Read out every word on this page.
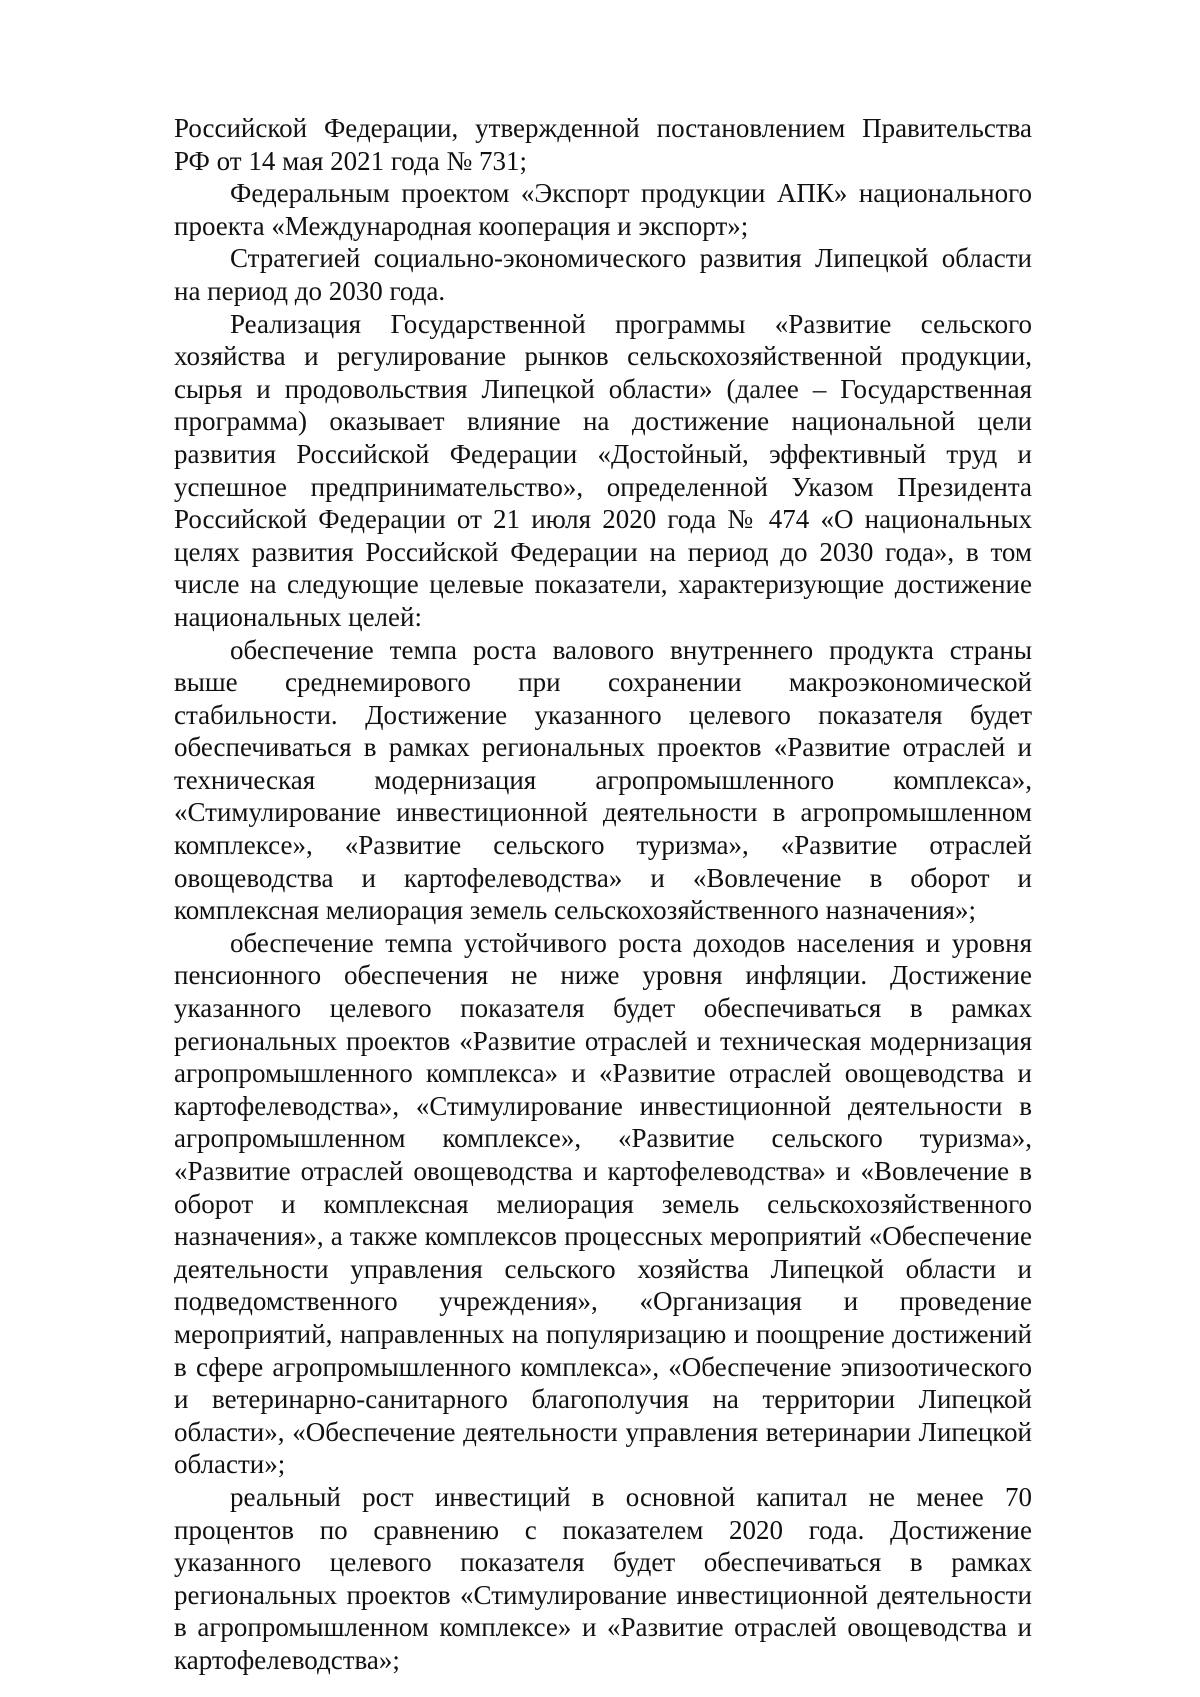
Российской Федерации, утвержденной постановлением Правительства РФ от 14 мая 2021 года № 731;

Федеральным проектом «Экспорт продукции АПК» национального проекта «Международная кооперация и экспорт»;

Стратегией социально-экономического развития Липецкой области на период до 2030 года.

Реализация Государственной программы «Развитие сельского хозяйства и регулирование рынков сельскохозяйственной продукции, сырья и продовольствия Липецкой области» (далее – Государственная программа) оказывает влияние на достижение национальной цели развития Российской Федерации «Достойный, эффективный труд и успешное предпринимательство», определенной Указом Президента Российской Федерации от 21 июля 2020 года № 474 «О национальных целях развития Российской Федерации на период до 2030 года», в том числе на следующие целевые показатели, характеризующие достижение национальных целей:

обеспечение темпа роста валового внутреннего продукта страны выше среднемирового при сохранении макроэкономической стабильности. Достижение указанного целевого показателя будет обеспечиваться в рамках региональных проектов «Развитие отраслей и техническая модернизация агропромышленного комплекса», «Стимулирование инвестиционной деятельности в агропромышленном комплексе», «Развитие сельского туризма», «Развитие отраслей овощеводства и картофелеводства» и «Вовлечение в оборот и комплексная мелиорация земель сельскохозяйственного назначения»;

обеспечение темпа устойчивого роста доходов населения и уровня пенсионного обеспечения не ниже уровня инфляции. Достижение указанного целевого показателя будет обеспечиваться в рамках региональных проектов «Развитие отраслей и техническая модернизация агропромышленного комплекса» и «Развитие отраслей овощеводства и картофелеводства», «Стимулирование инвестиционной деятельности в агропромышленном комплексе», «Развитие сельского туризма», «Развитие отраслей овощеводства и картофелеводства» и «Вовлечение в оборот и комплексная мелиорация земель сельскохозяйственного назначения», а также комплексов процессных мероприятий «Обеспечение деятельности управления сельского хозяйства Липецкой области и подведомственного учреждения», «Организация и проведение мероприятий, направленных на популяризацию и поощрение достижений в сфере агропромышленного комплекса», «Обеспечение эпизоотического и ветеринарно-санитарного благополучия на территории Липецкой области», «Обеспечение деятельности управления ветеринарии Липецкой области»;

реальный рост инвестиций в основной капитал не менее 70 процентов по сравнению с показателем 2020 года. Достижение указанного целевого показателя будет обеспечиваться в рамках региональных проектов «Стимулирование инвестиционной деятельности в агропромышленном комплексе» и «Развитие отраслей овощеводства и картофелеводства»;
